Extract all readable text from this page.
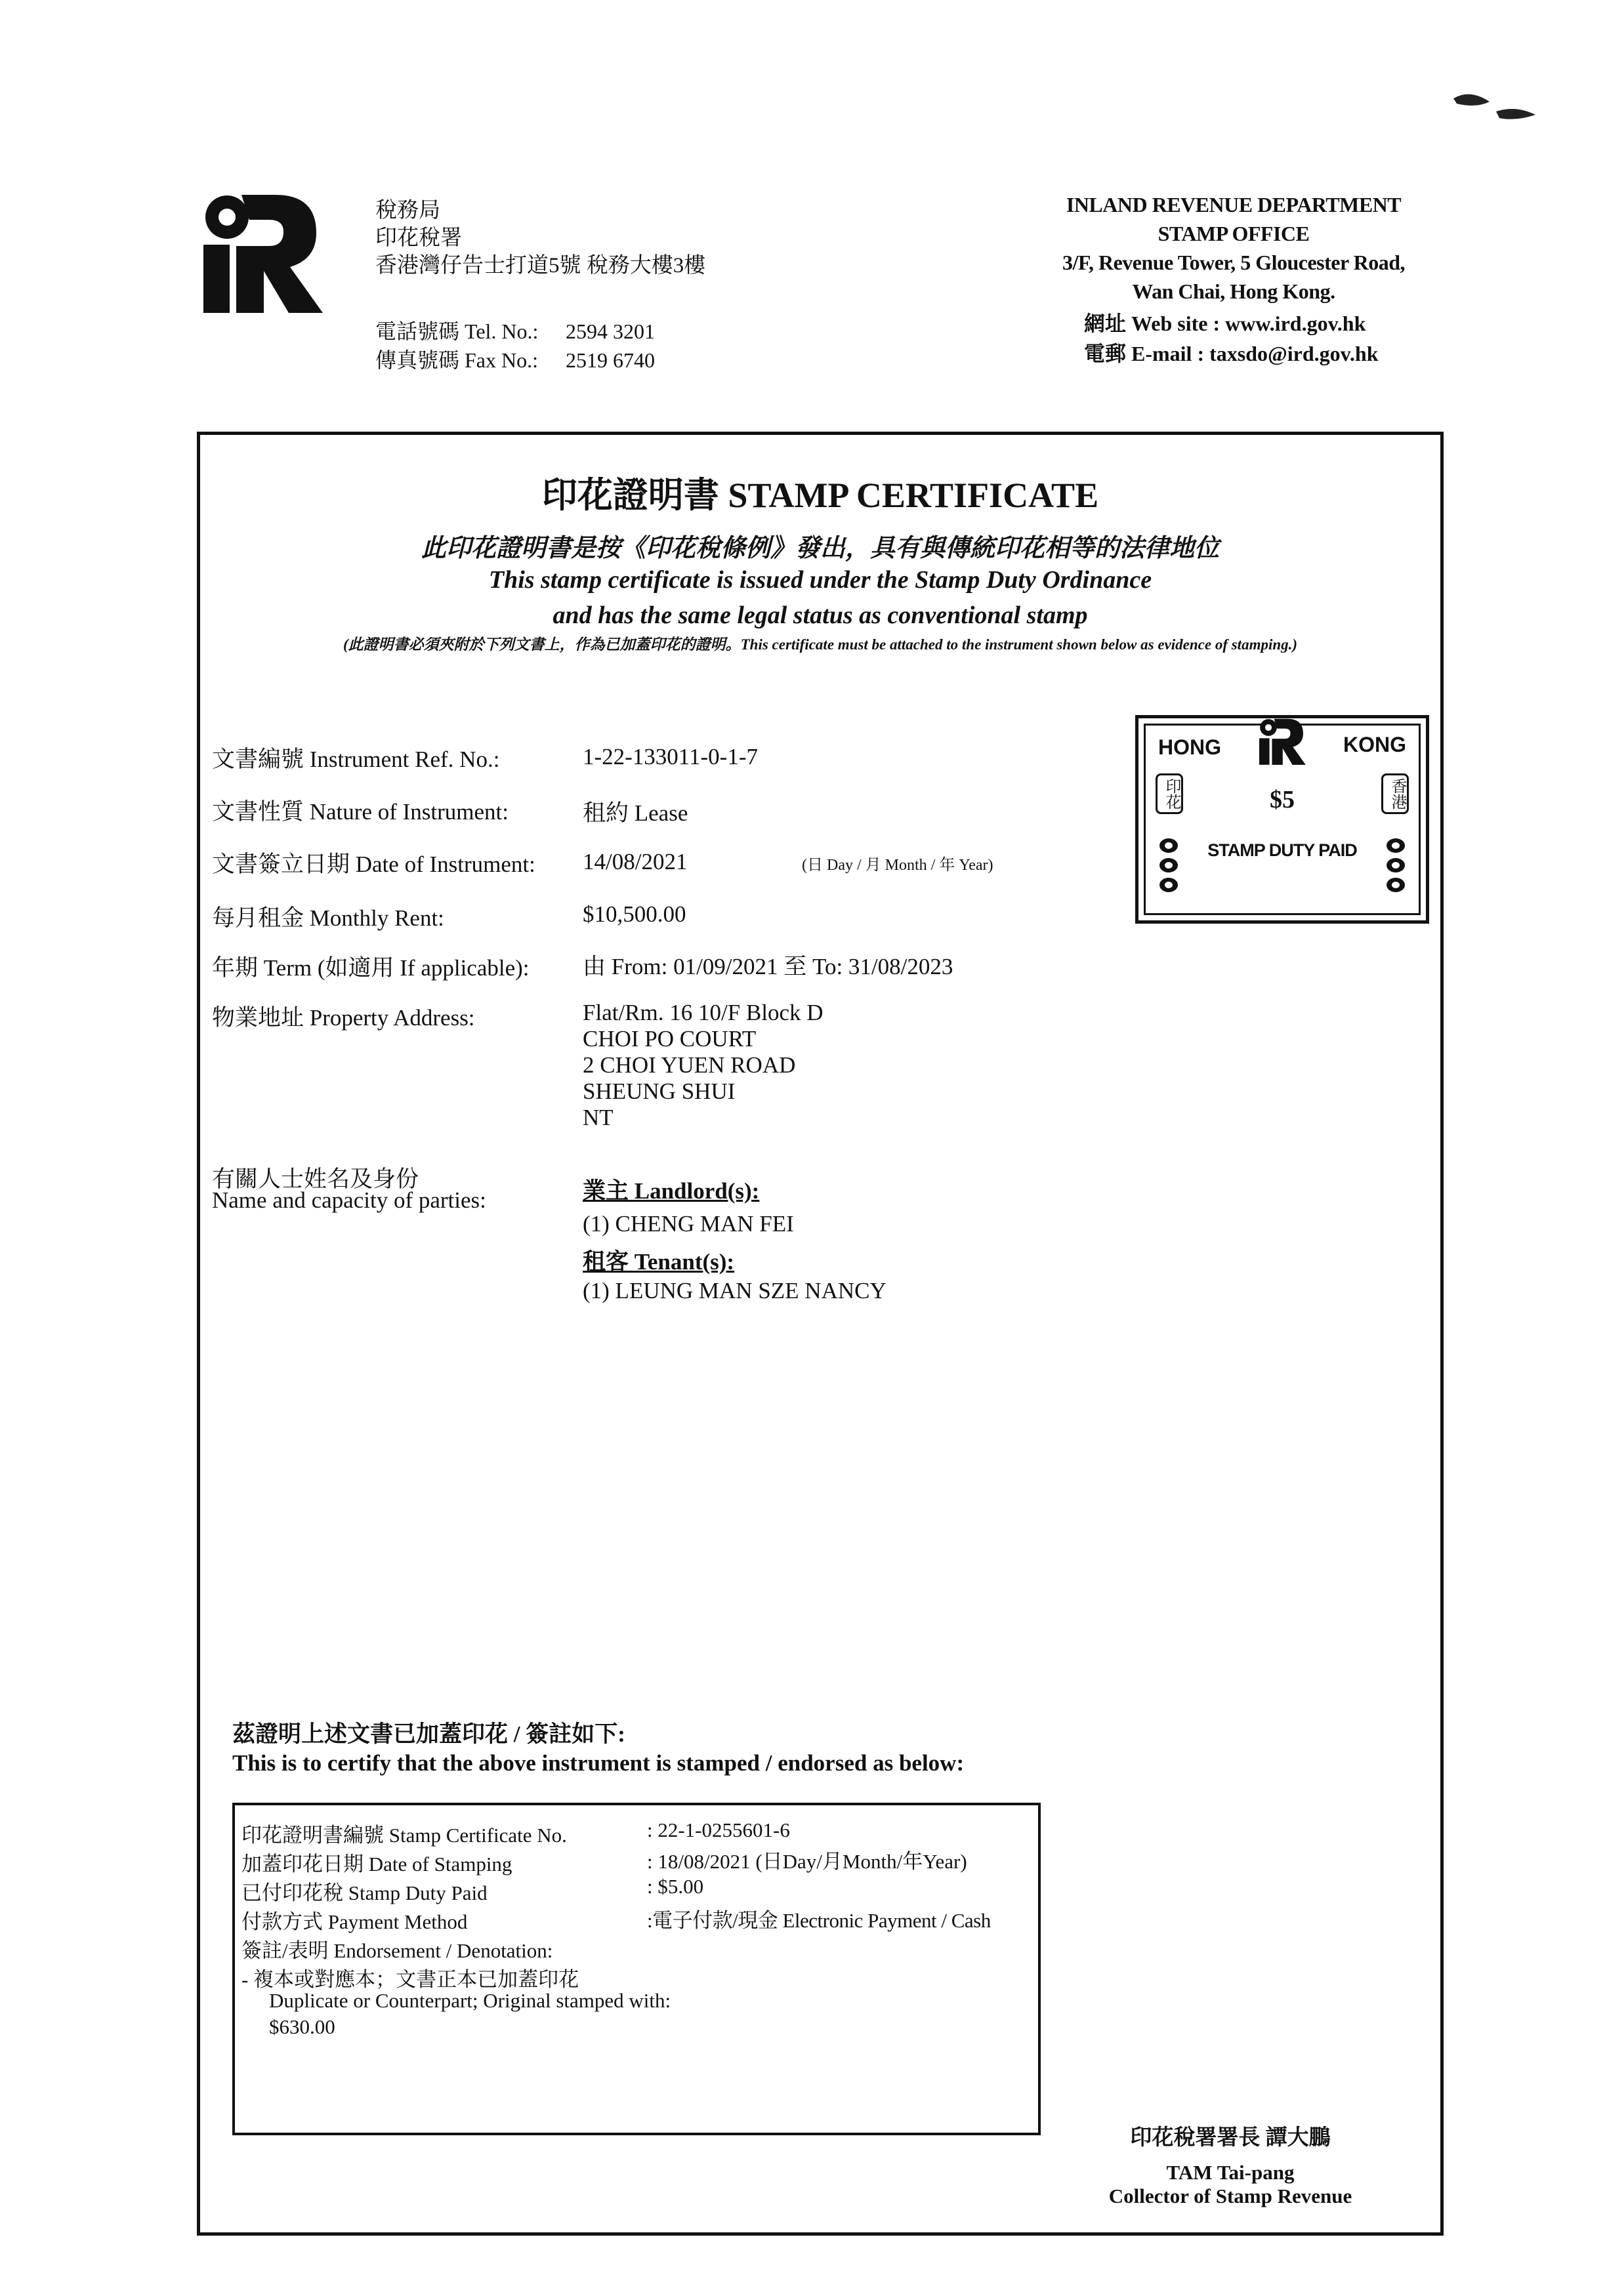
稅務局
印花稅署
香港灣仔告士打道5號 稅務大樓3樓
電話號碼 Tel. No.: 2594 3201
傳真號碼 Fax No.: 2519 6740
INLAND REVENUE DEPARTMENT
STAMP OFFICE
3/F, Revenue Tower, 5 Gloucester Road,
Wan Chai, Hong Kong.
網址 Web site : www.ird.gov.hk
電郵 E-mail : taxsdo@ird.gov.hk
印花證明書 STAMP CERTIFICATE
此印花證明書是按《印花稅條例》發出，具有與傳統印花相等的法律地位
This stamp certificate is issued under the Stamp Duty Ordinance
and has the same legal status as conventional stamp
(此證明書必須夾附於下列文書上，作為已加蓋印花的證明。This certificate must be attached to the instrument shown below as evidence of stamping.)
文書編號 Instrument Ref. No.:	1-22-133011-0-1-7
文書性質 Nature of Instrument:	租約 Lease
文書簽立日期 Date of Instrument: 14/08/2021	(日 Day / 月 Month / 年 Year)
每月租金 Monthly Rent:	$10,500.00
年期 Term (如適用 If applicable): 由 From: 01/09/2021 至 To: 31/08/2023
物業地址 Property Address:	Flat/Rm. 16 10/F Block D
CHOI PO COURT
2 CHOI YUEN ROAD
SHEUNG SHUI
NT
有關人士姓名及身份
Name and capacity of parties:	業主 Landlord(s):
(1) CHENG MAN FEI
租客 Tenant(s):
(1) LEUNG MAN SZE NANCY
HONG	KONG
$5
STAMP DUTY PAID
印花	香港
茲證明上述文書已加蓋印花 / 簽註如下:
This is to certify that the above instrument is stamped / endorsed as below:
印花證明書編號 Stamp Certificate No.	: 22-1-0255601-6
加蓋印花日期 Date of Stamping	: 18/08/2021 (日Day/月Month/年Year)
已付印花稅 Stamp Duty Paid	: $5.00
付款方式 Payment Method	:電子付款/現金 Electronic Payment / Cash
簽註/表明 Endorsement / Denotation:
- 複本或對應本；文書正本已加蓋印花
Duplicate or Counterpart; Original stamped with:
$630.00
印花稅署署長 譚大鵬
TAM Tai-pang
Collector of Stamp Revenue
